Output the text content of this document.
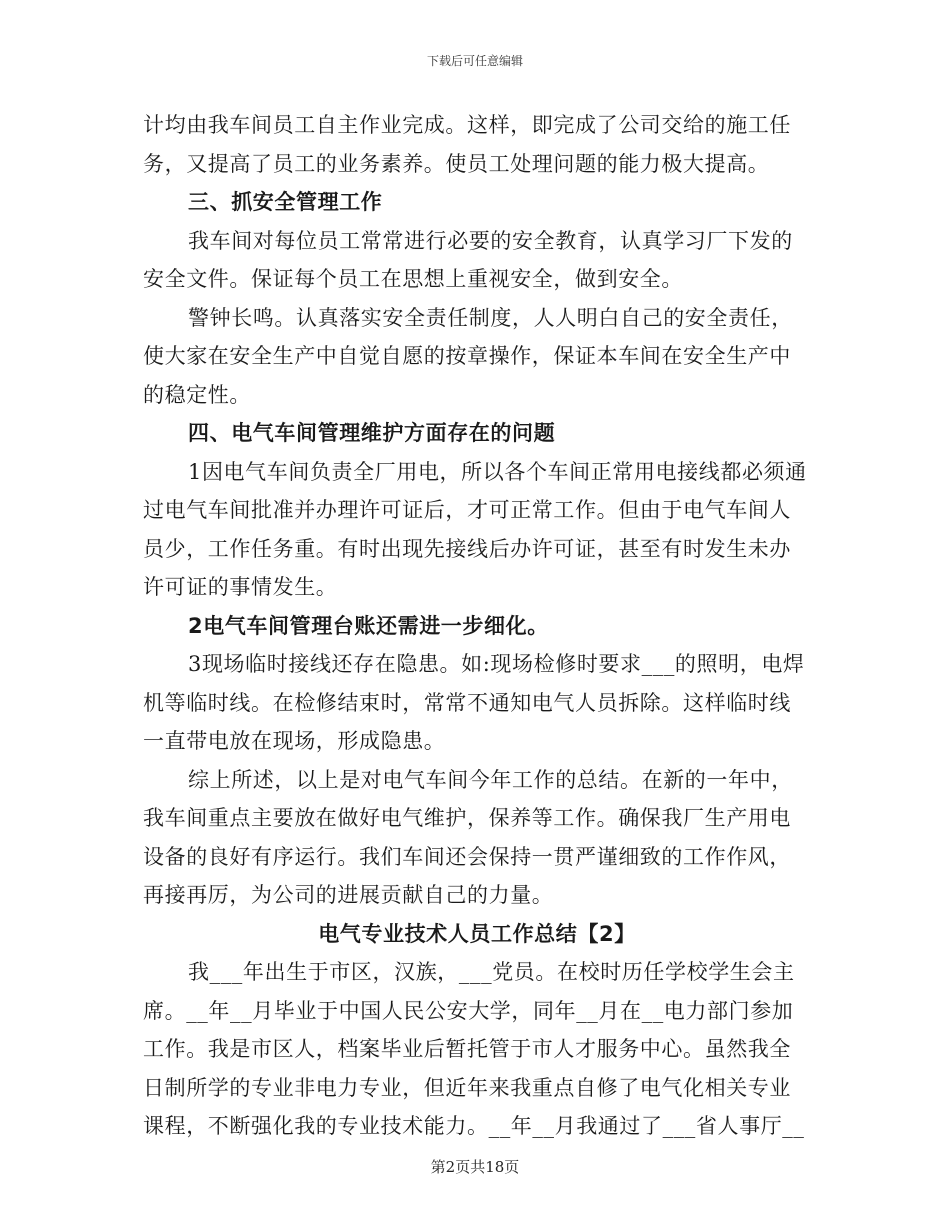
下载后可任意编辑
计均由我车间员工自主作业完成。这样，即完成了公司交给的施工任
务，又提高了员工的业务素养。使员工处理问题的能力极大提高。
三、抓安全管理工作
我车间对每位员工常常进行必要的安全教育，认真学习厂下发的
安全文件。保证每个员工在思想上重视安全，做到安全。
警钟长鸣。认真落实安全责任制度，人人明白自己的安全责任，
使大家在安全生产中自觉自愿的按章操作，保证本车间在安全生产中
的稳定性。
四、电气车间管理维护方面存在的问题
1因电气车间负责全厂用电，所以各个车间正常用电接线都必须通
过电气车间批准并办理许可证后，才可正常工作。但由于电气车间人
员少，工作任务重。有时出现先接线后办许可证，甚至有时发生未办
许可证的事情发生。
2电气车间管理台账还需进一步细化。
3现场临时接线还存在隐患。如:现场检修时要求___的照明，电焊
机等临时线。在检修结束时，常常不通知电气人员拆除。这样临时线
一直带电放在现场，形成隐患。
综上所述，以上是对电气车间今年工作的总结。在新的一年中，
我车间重点主要放在做好电气维护，保养等工作。确保我厂生产用电
设备的良好有序运行。我们车间还会保持一贯严谨细致的工作作风，
再接再厉，为公司的进展贡献自己的力量。
电气专业技术人员工作总结【2】
我___年出生于市区，汉族，___党员。在校时历任学校学生会主
席。__年__月毕业于中国人民公安大学，同年__月在__电力部门参加
工作。我是市区人，档案毕业后暂托管于市人才服务中心。虽然我全
日制所学的专业非电力专业，但近年来我重点自修了电气化相关专业
课程，不断强化我的专业技术能力。__年__月我通过了___省人事厅__
第2页共18页
